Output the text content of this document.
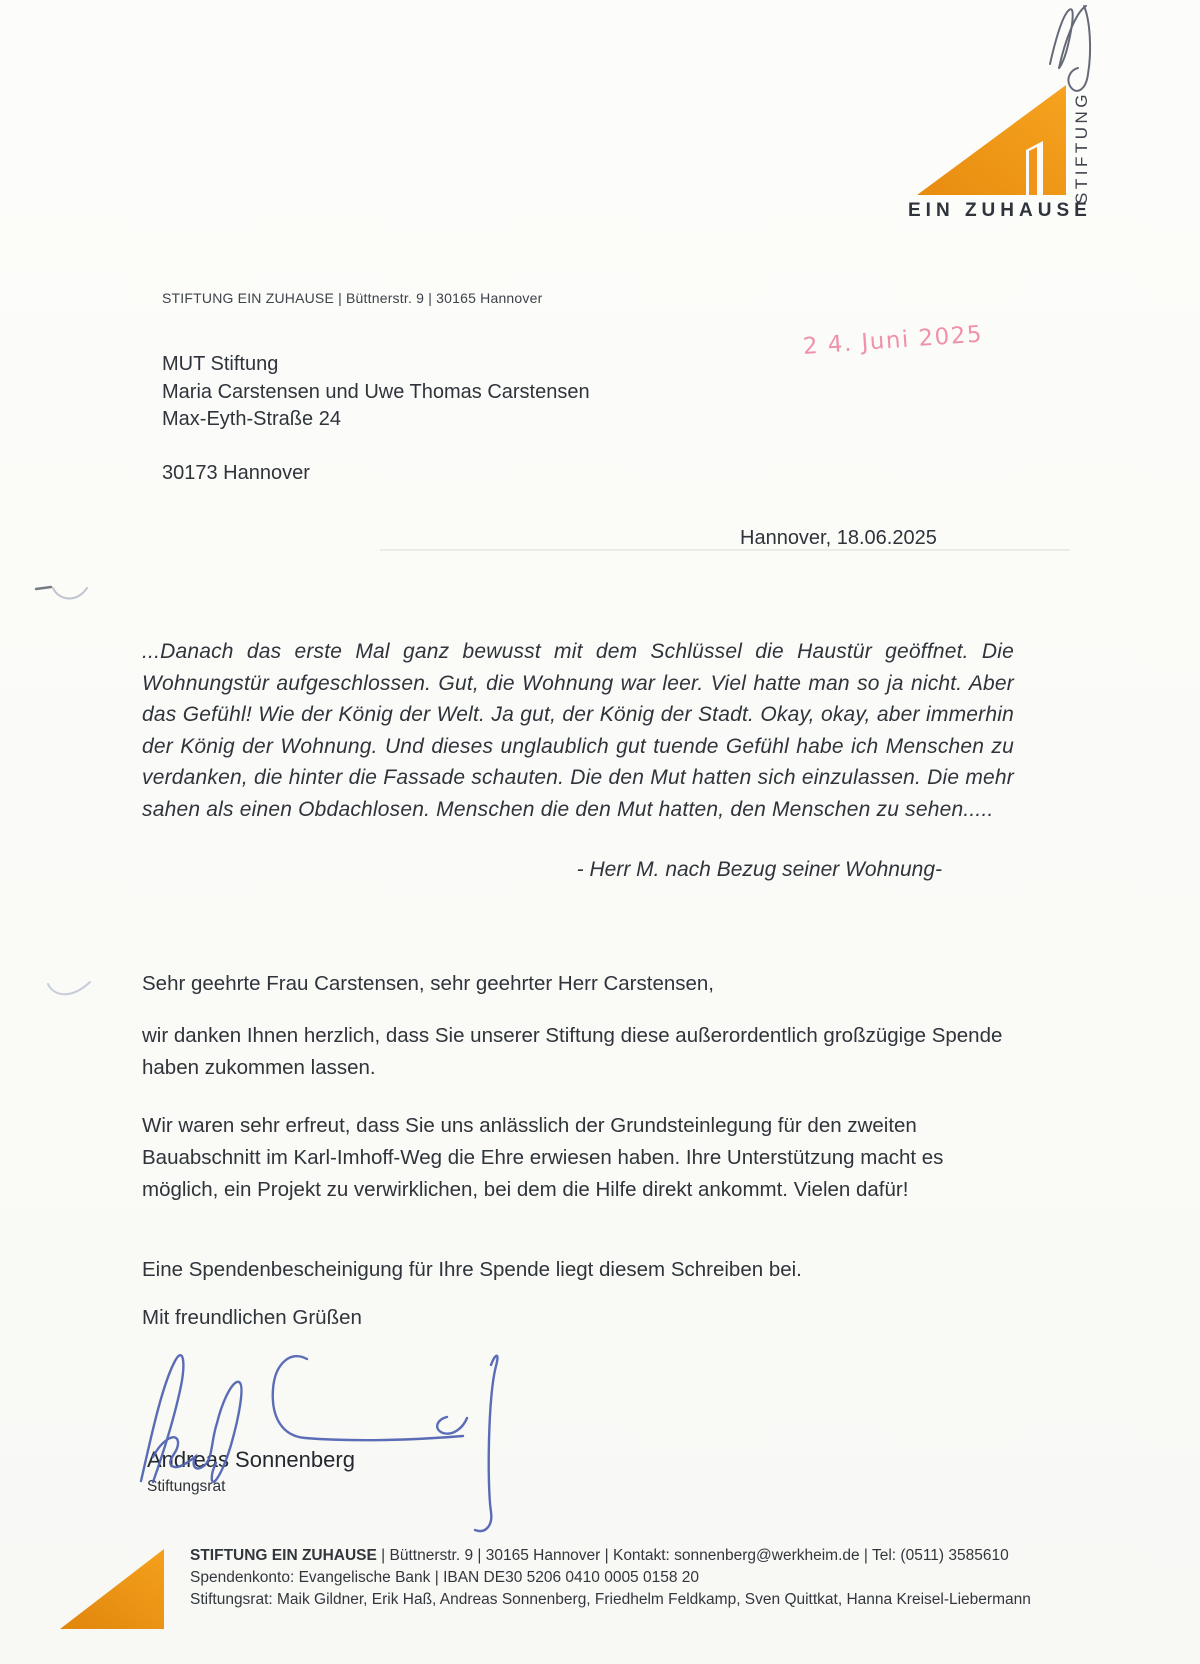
STIFTUNG
EIN ZUHAUSE
STIFTUNG EIN ZUHAUSE | Büttnerstr. 9 | 30165 Hannover
MUT Stiftung
Maria Carstensen und Uwe Thomas Carstensen
Max-Eyth-Straße 24
30173 Hannover
2 4. Juni 2025
Hannover, 18.06.2025
...Danach das erste Mal ganz bewusst mit dem Schlüssel die Haustür geöffnet. Die Wohnungstür aufgeschlossen. Gut, die Wohnung war leer. Viel hatte man so ja nicht. Aber das Gefühl! Wie der König der Welt. Ja gut, der König der Stadt. Okay, okay, aber immerhin der König der Wohnung. Und dieses unglaublich gut tuende Gefühl habe ich Menschen zu verdanken, die hinter die Fassade schauten. Die den Mut hatten sich einzulassen. Die mehr sahen als einen Obdachlosen. Menschen die den Mut hatten, den Menschen zu sehen.....
- Herr M. nach Bezug seiner Wohnung-
Sehr geehrte Frau Carstensen, sehr geehrter Herr Carstensen,

wir danken Ihnen herzlich, dass Sie unserer Stiftung diese außerordentlich großzügige Spende haben zukommen lassen.

Wir waren sehr erfreut, dass Sie uns anlässlich der Grundsteinlegung für den zweiten Bauabschnitt im Karl-Imhoff-Weg die Ehre erwiesen haben. Ihre Unterstützung macht es möglich, ein Projekt zu verwirklichen, bei dem die Hilfe direkt ankommt. Vielen dafür!

Eine Spendenbescheinigung für Ihre Spende liegt diesem Schreiben bei.

Mit freundlichen Grüßen
Andreas Sonnenberg
Stiftungsrat
STIFTUNG EIN ZUHAUSE | Büttnerstr. 9 | 30165 Hannover | Kontakt: sonnenberg@werkheim.de | Tel: (0511) 3585610
Spendenkonto: Evangelische Bank | IBAN DE30 5206 0410 0005 0158 20
Stiftungsrat: Maik Gildner, Erik Haß, Andreas Sonnenberg, Friedhelm Feldkamp, Sven Quittkat, Hanna Kreisel-Liebermann
